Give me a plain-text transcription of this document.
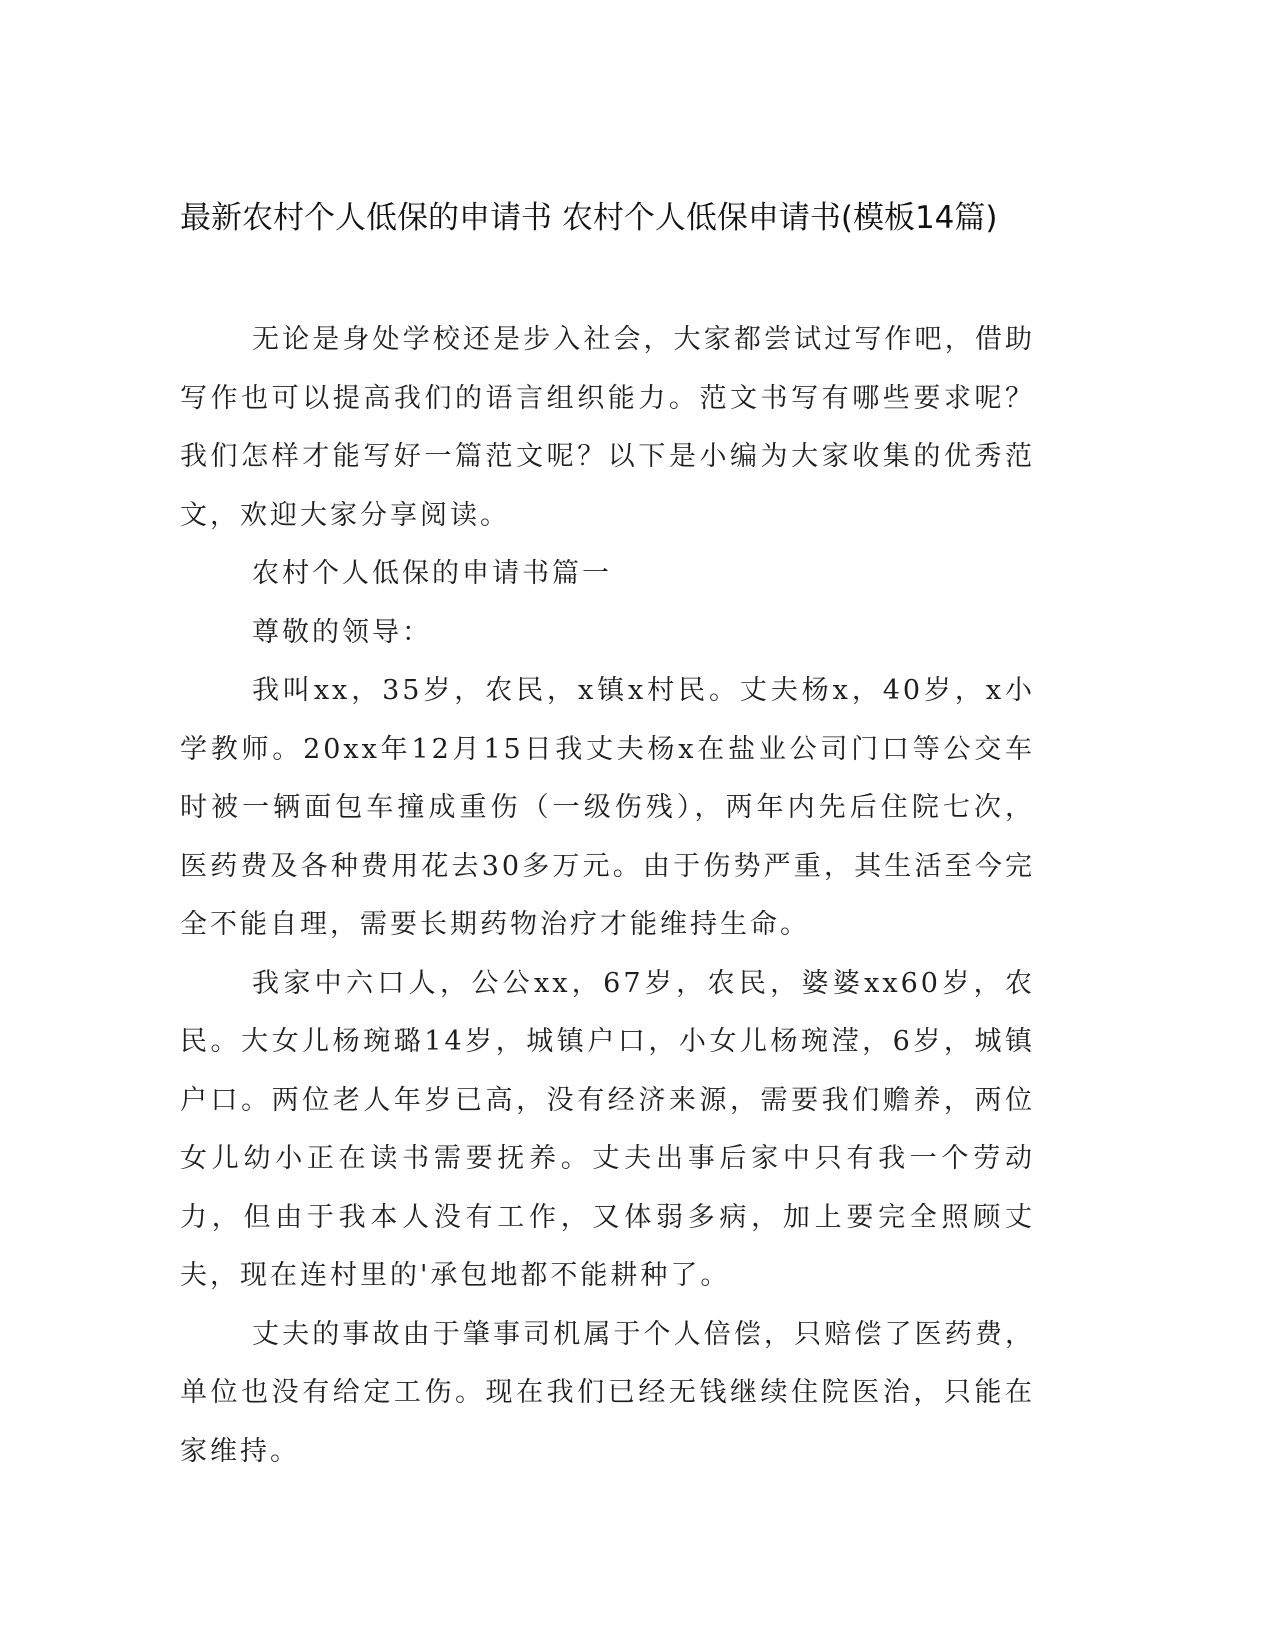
最新农村个人低保的申请书 农村个人低保申请书(模板14篇)

无论是身处学校还是步入社会，大家都尝试过写作吧，借助写作也可以提高我们的语言组织能力。范文书写有哪些要求呢？我们怎样才能写好一篇范文呢？以下是小编为大家收集的优秀范文，欢迎大家分享阅读。

农村个人低保的申请书篇一

尊敬的领导：

我叫xx，35岁，农民，x镇x村民。丈夫杨x，40岁，x小学教师。20xx年12月15日我丈夫杨x在盐业公司门口等公交车时被一辆面包车撞成重伤（一级伤残），两年内先后住院七次，医药费及各种费用花去30多万元。由于伤势严重，其生活至今完全不能自理，需要长期药物治疗才能维持生命。

我家中六口人，公公xx，67岁，农民，婆婆xx60岁，农民。大女儿杨琬璐14岁，城镇户口，小女儿杨琬滢，6岁，城镇户口。两位老人年岁已高，没有经济来源，需要我们赡养，两位女儿幼小正在读书需要抚养。丈夫出事后家中只有我一个劳动力，但由于我本人没有工作，又体弱多病，加上要完全照顾丈夫，现在连村里的'承包地都不能耕种了。

丈夫的事故由于肇事司机属于个人倍偿，只赔偿了医药费，单位也没有给定工伤。现在我们已经无钱继续住院医治，只能在家维持。
